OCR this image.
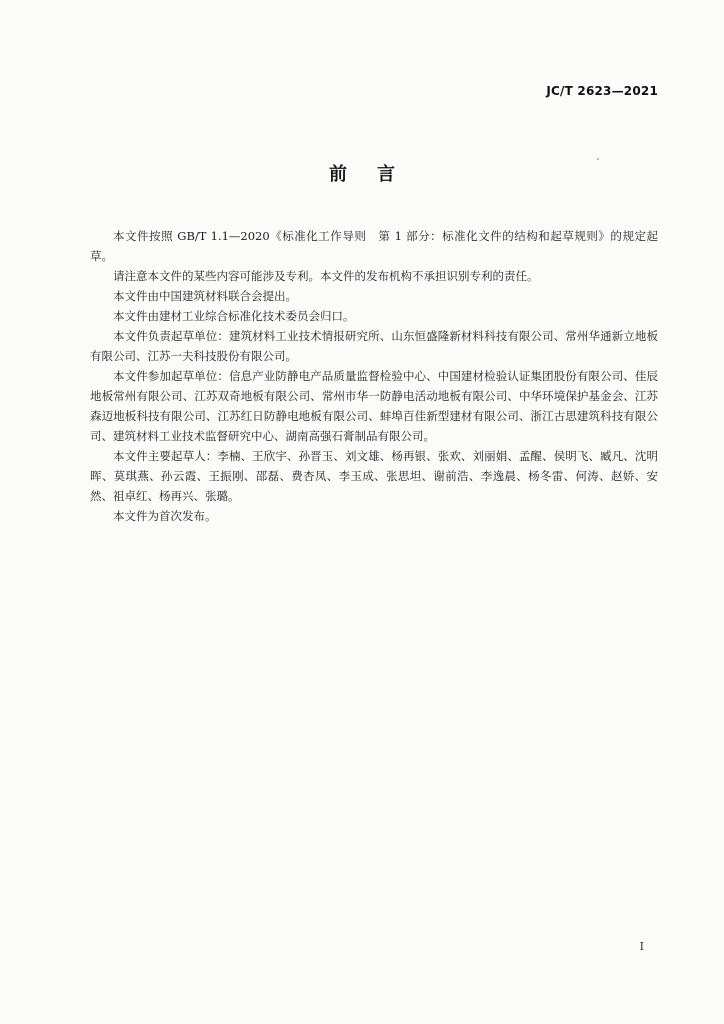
JC/T 2623—2021
前言

本文件按照 GB/T 1.1—2020《标准化工作导则　第 1 部分：标准化文件的结构和起草规则》的规定起草。

请注意本文件的某些内容可能涉及专利。本文件的发布机构不承担识别专利的责任。

本文件由中国建筑材料联合会提出。

本文件由建材工业综合标准化技术委员会归口。

本文件负责起草单位：建筑材料工业技术情报研究所、山东恒盛隆新材料科技有限公司、常州华通新立地板有限公司、江苏一夫科技股份有限公司。

本文件参加起草单位：信息产业防静电产品质量监督检验中心、中国建材检验认证集团股份有限公司、佳辰地板常州有限公司、江苏双奇地板有限公司、常州市华一防静电活动地板有限公司、中华环境保护基金会、江苏森迈地板科技有限公司、江苏红日防静电地板有限公司、蚌埠百佳新型建材有限公司、浙江古思建筑科技有限公司、建筑材料工业技术监督研究中心、湖南高强石膏制品有限公司。

本文件主要起草人：李楠、王欣宇、孙晋玉、刘文雄、杨再银、张欢、刘丽娟、孟醒、侯明飞、臧凡、沈明晖、莫琪燕、孙云霞、王振刚、邵磊、费杏凤、李玉成、张思坦、谢前浩、李逸晨、杨冬雷、何涛、赵娇、安然、祖卓红、杨再兴、张璐。

本文件为首次发布。

I
